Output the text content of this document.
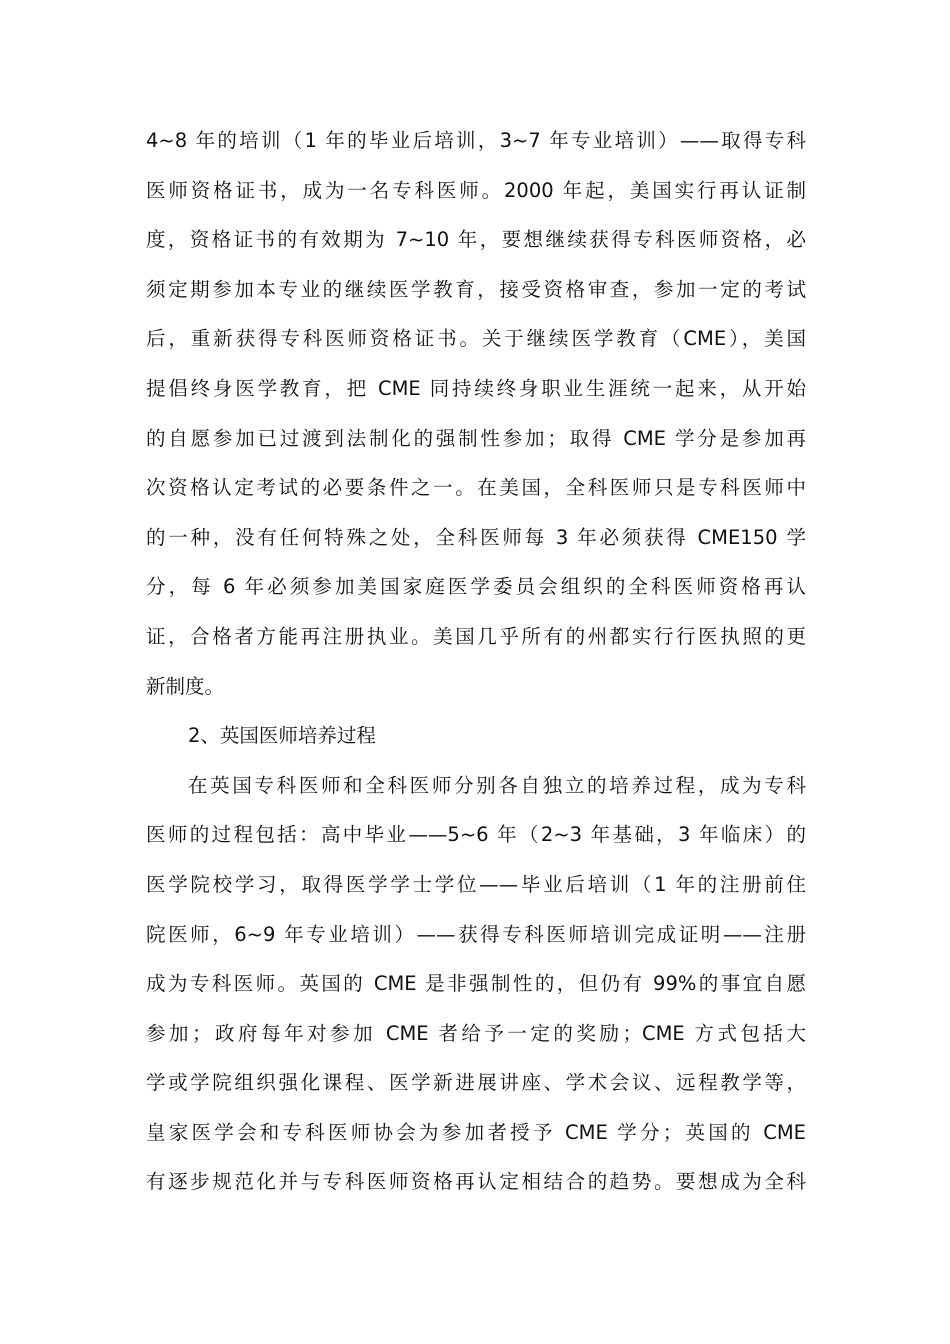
4~8 年的培训（1 年的毕业后培训，3~7 年专业培训）——取得专科
医师资格证书，成为一名专科医师。2000 年起，美国实行再认证制
度，资格证书的有效期为 7~10 年，要想继续获得专科医师资格，必
须定期参加本专业的继续医学教育，接受资格审查，参加一定的考试
后，重新获得专科医师资格证书。关于继续医学教育（CME），美国
提倡终身医学教育，把 CME 同持续终身职业生涯统一起来，从开始
的自愿参加已过渡到法制化的强制性参加；取得 CME 学分是参加再
次资格认定考试的必要条件之一。在美国，全科医师只是专科医师中
的一种，没有任何特殊之处，全科医师每 3 年必须获得 CME150 学
分，每 6 年必须参加美国家庭医学委员会组织的全科医师资格再认
证，合格者方能再注册执业。美国几乎所有的州都实行行医执照的更
新制度。
2、英国医师培养过程
在英国专科医师和全科医师分别各自独立的培养过程，成为专科
医师的过程包括：高中毕业——5~6 年（2~3 年基础，3 年临床）的
医学院校学习，取得医学学士学位——毕业后培训（1 年的注册前住
院医师，6~9 年专业培训）——获得专科医师培训完成证明——注册
成为专科医师。英国的 CME 是非强制性的，但仍有 99%的事宜自愿
参加；政府每年对参加 CME 者给予一定的奖励；CME 方式包括大
学或学院组织强化课程、医学新进展讲座、学术会议、远程教学等，
皇家医学会和专科医师协会为参加者授予 CME 学分；英国的 CME
有逐步规范化并与专科医师资格再认定相结合的趋势。要想成为全科
